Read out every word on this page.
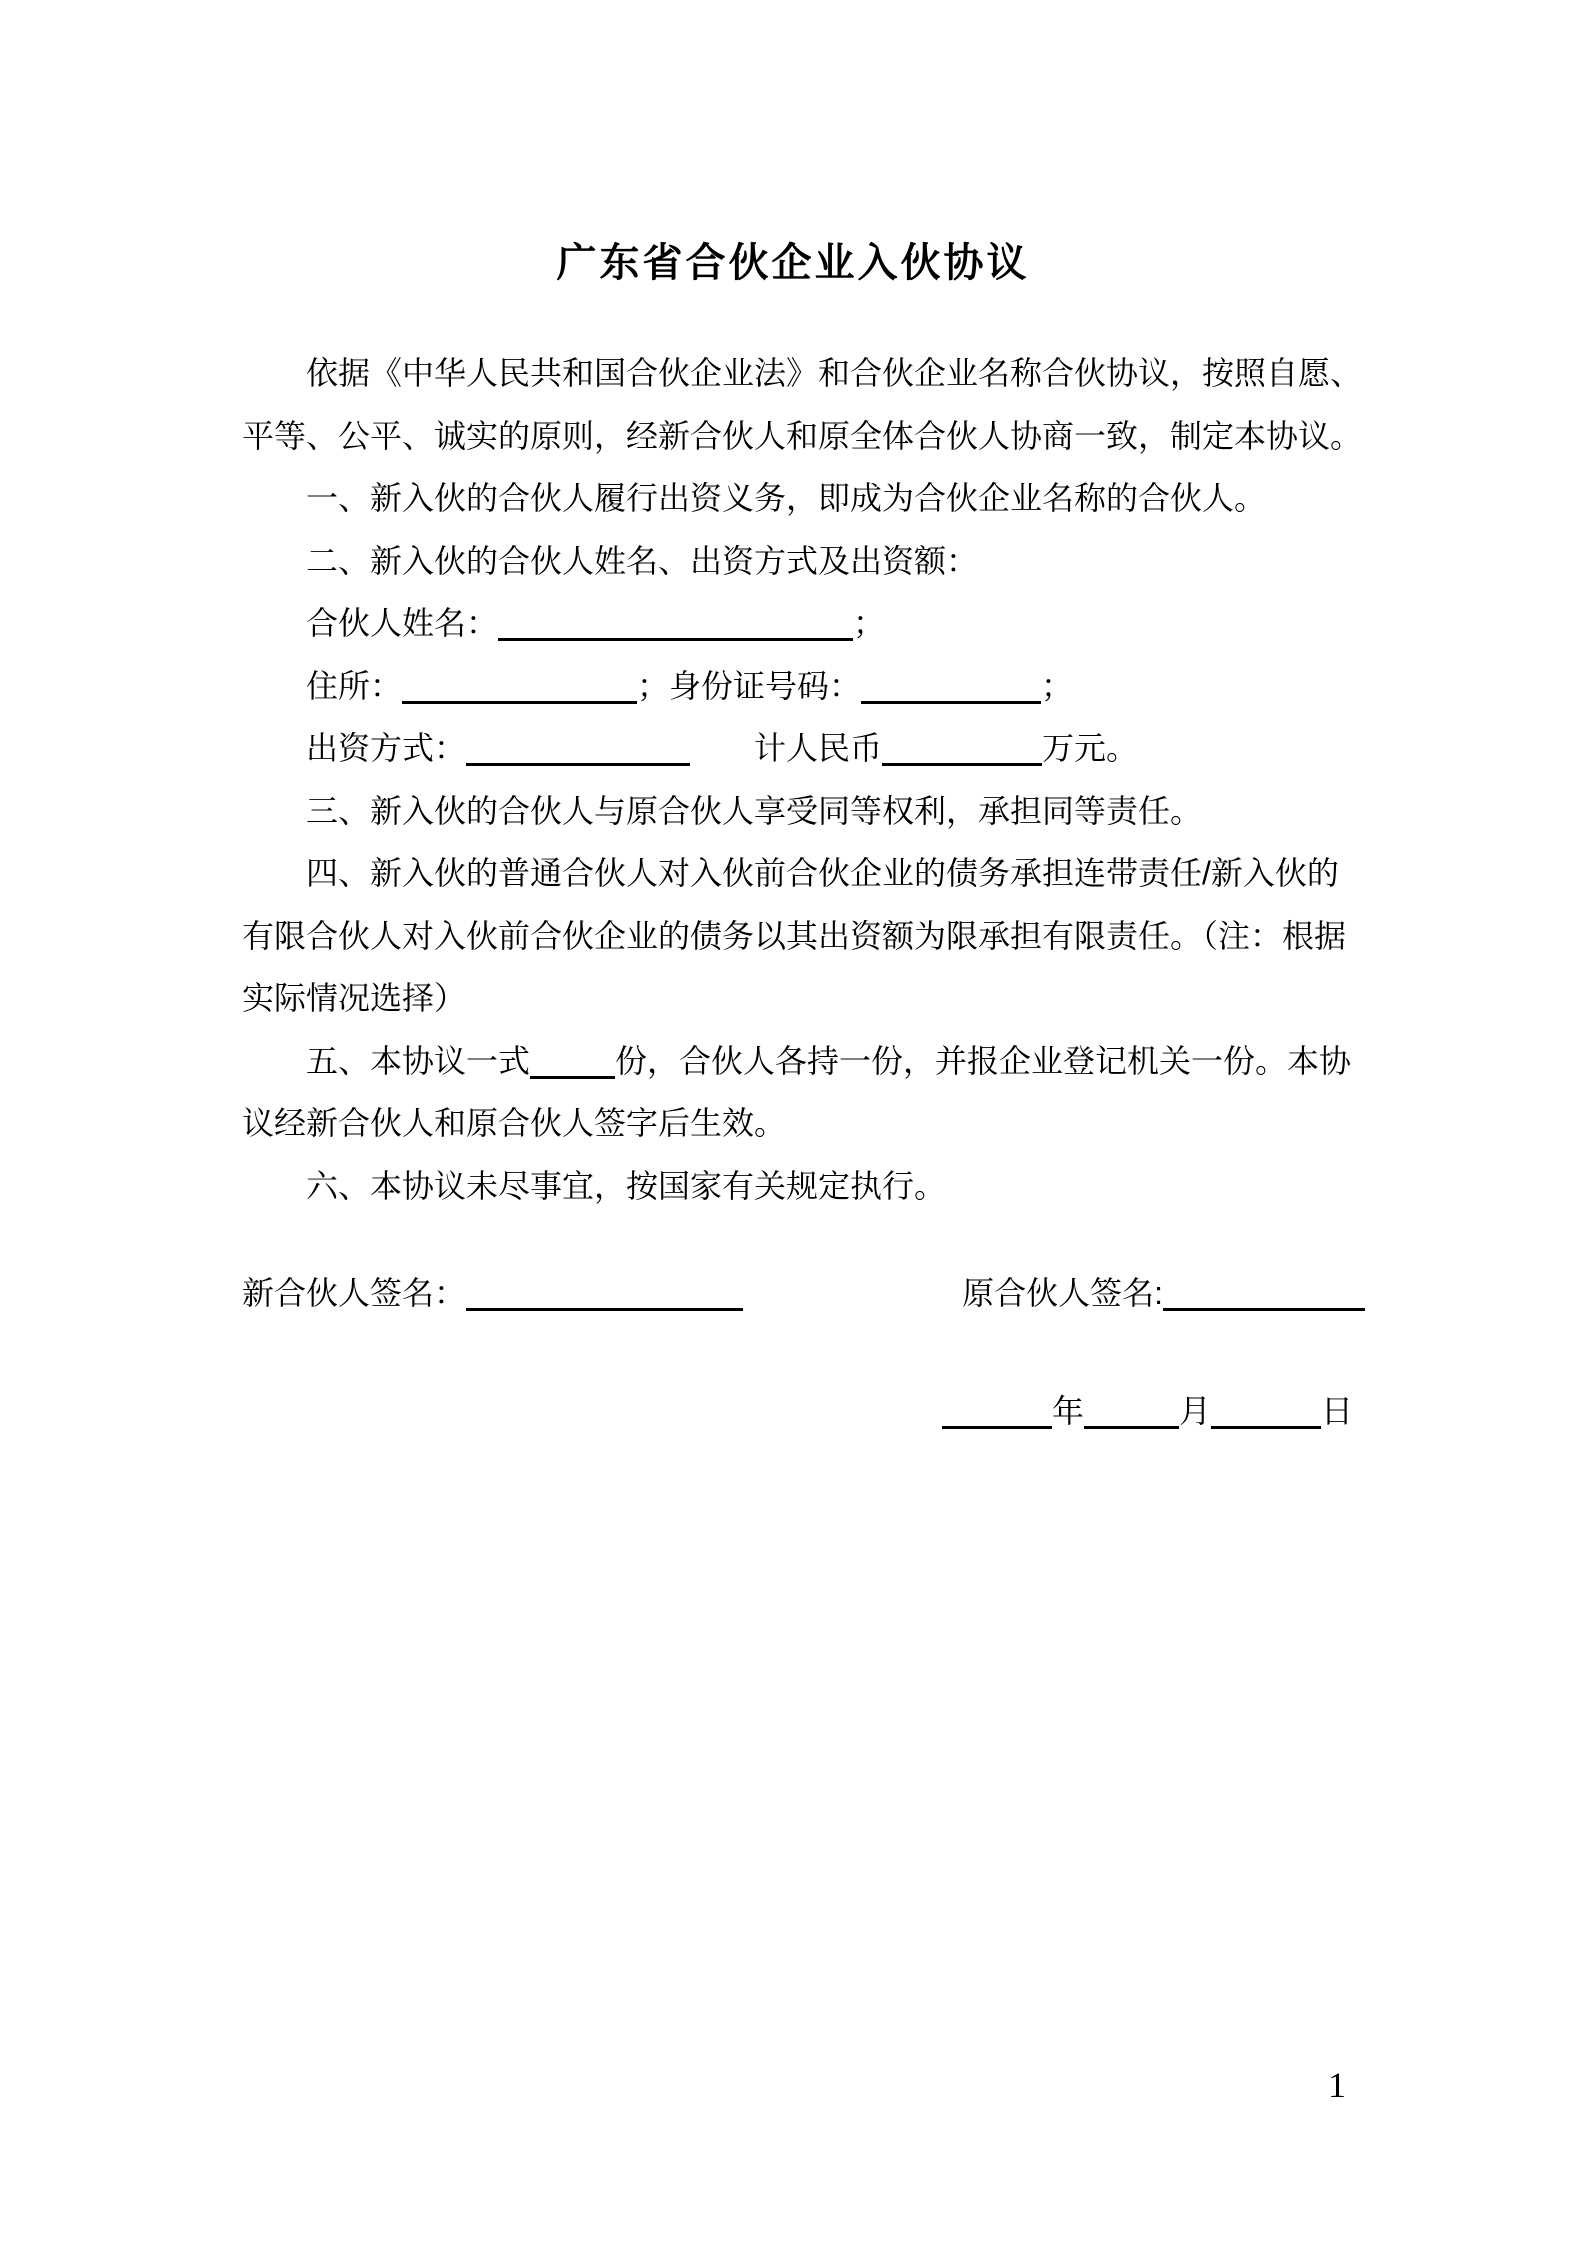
广东省合伙企业入伙协议
依据《中华人民共和国合伙企业法》和合伙企业名称合伙协议，按照自愿、
平等、公平、诚实的原则，经新合伙人和原全体合伙人协商一致，制定本协议。
一、新入伙的合伙人履行出资义务，即成为合伙企业名称的合伙人。
二、新入伙的合伙人姓名、出资方式及出资额：
合伙人姓名：	；
住所：	；身份证号码：	；
出资方式：	计人民币	万元。
三、新入伙的合伙人与原合伙人享受同等权利，承担同等责任。
四、新入伙的普通合伙人对入伙前合伙企业的债务承担连带责任/新入伙的
有限合伙人对入伙前合伙企业的债务以其出资额为限承担有限责任。（注：根据
实际情况选择）
五、本协议一式	份，合伙人各持一份，并报企业登记机关一份。本协
议经新合伙人和原合伙人签字后生效。
六、本协议未尽事宜，按国家有关规定执行。
新合伙人签名：	原合伙人签名:
年	月	日
1
